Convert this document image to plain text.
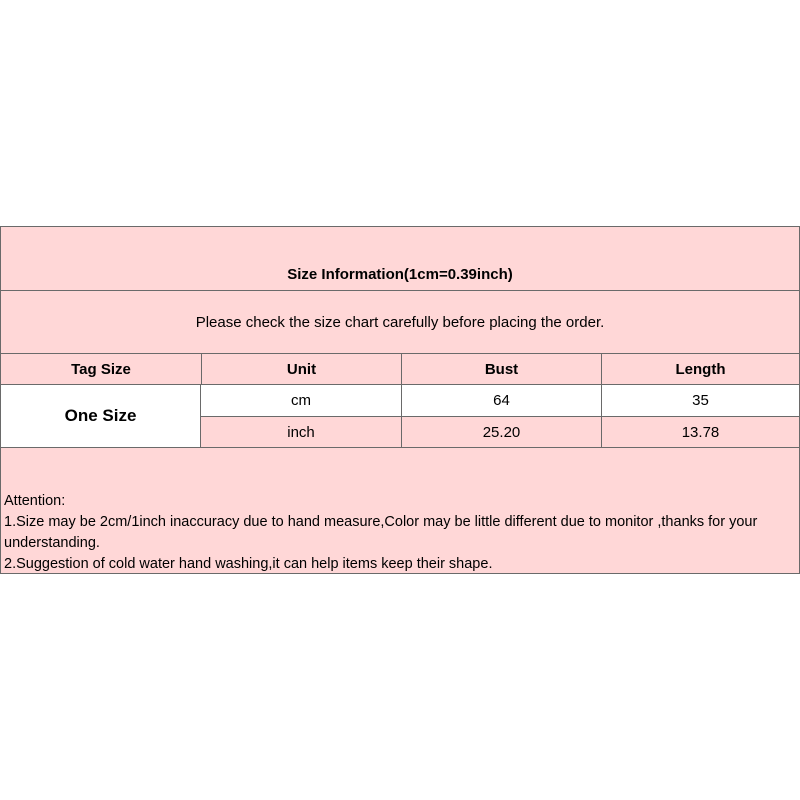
Size Information(1cm=0.39inch)
Please check the size chart carefully before placing the order.
Tag Size	Unit	Bust	Length
One Size
cm	64	35
inch	25.20	13.78
Attention:
1.Size may be 2cm/1inch inaccuracy due to hand measure,Color may be little different due to monitor ,thanks for your understanding.
2.Suggestion of cold water hand washing,it can help items keep their shape.
